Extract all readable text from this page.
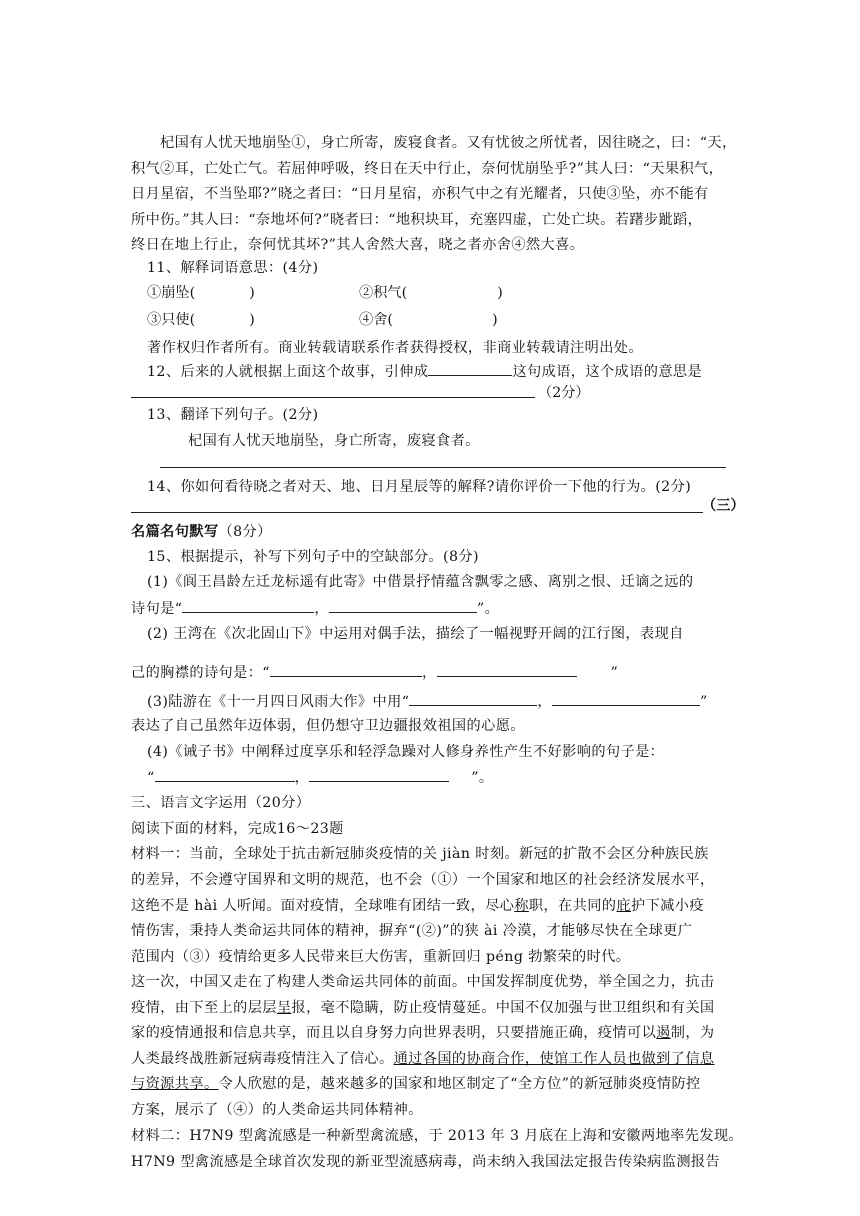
杞国有人忧天地崩坠①，身亡所寄，废寝食者。又有忧彼之所忧者，因往晓之，曰：“天，
积气②耳，亡处亡气。若屈伸呼吸，终日在天中行止，奈何忧崩坠乎?”其人曰：“天果积气，
日月星宿，不当坠耶?”晓之者曰：“日月星宿，亦积气中之有光耀者，只使③坠，亦不能有
所中伤。”其人曰：“奈地坏何?”晓者曰：“地积块耳，充塞四虚，亡处亡块。若躇步跐蹈，
终日在地上行止，奈何忧其坏?”其人舍然大喜，晓之者亦舍④然大喜。
11、解释词语意思：(4分)
①崩坠(            )	②积气(                    )
③只使(            )	④舍(                      )
著作权归作者所有。商业转载请联系作者获得授权，非商业转载请注明出处。
12、后来的人就根据上面这个故事，引伸成	这句成语，这个成语的意思是
（2分）
13、翻译下列句子。(2分)
杞国有人忧天地崩坠，身亡所寄，废寝食者。
14、你如何看待晓之者对天、地、日月星辰等的解释?请你评价一下他的行为。(2分)
（三）
名篇名句默写（8分）
15、根据提示，补写下列句子中的空缺部分。(8分)
(1)《阆王昌龄左迁龙标遥有此寄》中借景抒情蕴含飘零之感、离别之恨、迁谪之远的
诗句是“	，	”。
(2) 王湾在《次北固山下》中运用对偶手法，描绘了一幅视野开阔的江行图，表现自
己的胸襟的诗句是：“	，	”
(3)陆游在《十一月四日风雨大作》中用“	，	”
表达了自己虽然年迈体弱，但仍想守卫边疆报效祖国的心愿。
(4)《诫子书》中阐释过度享乐和轻浮急躁对人修身养性产生不好影响的句子是：
“	，	”。
三、语言文字运用（20分）
阅读下面的材料，完成16～23题
材料一：当前，全球处于抗击新冠肺炎疫情的关 jiàn 时刻。新冠的扩散不会区分种族民族
的差异，不会遵守国界和文明的规范，也不会（①）一个国家和地区的社会经济发展水平，
这绝不是 hài 人听闻。面对疫情，全球唯有团结一致，尽心称职，在共同的庇护下减小疫
情伤害，秉持人类命运共同体的精神，摒弃“(②)”的狭 ài 冷漠，才能够尽快在全球更广
范围内（③）疫情给更多人民带来巨大伤害，重新回归 péng 勃繁荣的时代。
这一次，中国又走在了构建人类命运共同体的前面。中国发挥制度优势，举全国之力，抗击
疫情，由下至上的层层呈报，毫不隐瞒，防止疫情蔓延。中国不仅加强与世卫组织和有关国
家的疫情通报和信息共享，而且以自身努力向世界表明，只要措施正确，疫情可以遏制，为
人类最终战胜新冠病毒疫情注入了信心。通过各国的协商合作，使馆工作人员也做到了信息
与资源共享。令人欣慰的是，越来越多的国家和地区制定了“全方位”的新冠肺炎疫情防控
方案，展示了（④）的人类命运共同体精神。
材料二：H7N9 型禽流感是一种新型禽流感，于 2013 年 3 月底在上海和安徽两地率先发现。
H7N9 型禽流感是全球首次发现的新亚型流感病毒，尚未纳入我国法定报告传染病监测报告
